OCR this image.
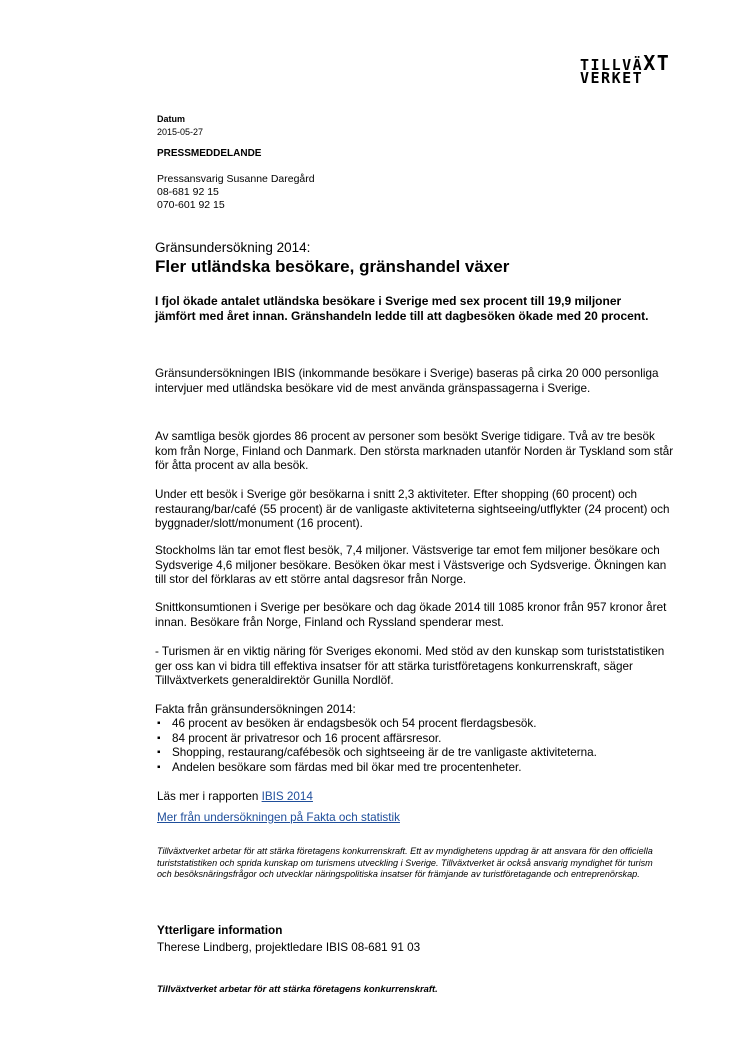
TILLVÄXT
VERKET
Datum
2015-05-27
PRESSMEDDELANDE
Pressansvarig Susanne Daregård
08-681 92 15
070-601 92 15
Gränsundersökning 2014:
Fler utländska besökare, gränshandel växer
I fjol ökade antalet utländska besökare i Sverige med sex procent till 19,9 miljoner jämfört med året innan. Gränshandeln ledde till att dagbesöken ökade med 20 procent.
Gränsundersökningen IBIS (inkommande besökare i Sverige) baseras på cirka 20 000 personliga intervjuer med utländska besökare vid de mest använda gränspassagerna i Sverige.
Av samtliga besök gjordes 86 procent av personer som besökt Sverige tidigare. Två av tre besök kom från Norge, Finland och Danmark. Den största marknaden utanför Norden är Tyskland som står för åtta procent av alla besök.
Under ett besök i Sverige gör besökarna i snitt 2,3 aktiviteter. Efter shopping (60 procent) och restaurang/bar/café (55 procent) är de vanligaste aktiviteterna sightseeing/utflykter (24 procent) och byggnader/slott/monument (16 procent).
Stockholms län tar emot flest besök, 7,4 miljoner. Västsverige tar emot fem miljoner besökare och Sydsverige 4,6 miljoner besökare. Besöken ökar mest i Västsverige och Sydsverige. Ökningen kan till stor del förklaras av ett större antal dagsresor från Norge.
Snittkonsumtionen i Sverige per besökare och dag ökade 2014 till 1085 kronor från 957 kronor året innan. Besökare från Norge, Finland och Ryssland spenderar mest.
- Turismen är en viktig näring för Sveriges ekonomi. Med stöd av den kunskap som turiststatistiken ger oss kan vi bidra till effektiva insatser för att stärka turistföretagens konkurrenskraft, säger Tillväxtverkets generaldirektör Gunilla Nordlöf.
Fakta från gränsundersökningen 2014:
▪ 46 procent av besöken är endagsbesök och 54 procent flerdagsbesök.
▪ 84 procent är privatresor och 16 procent affärsresor.
▪ Shopping, restaurang/cafébesök och sightseeing är de tre vanligaste aktiviteterna.
▪ Andelen besökare som färdas med bil ökar med tre procentenheter.
Läs mer i rapporten IBIS 2014
Mer från undersökningen på Fakta och statistik
Tillväxtverket arbetar för att stärka företagens konkurrenskraft. Ett av myndighetens uppdrag är att ansvara för den officiella turiststatistiken och sprida kunskap om turismens utveckling i Sverige. Tillväxtverket är också ansvarig myndighet för turism och besöksnäringsfrågor och utvecklar näringspolitiska insatser för främjande av turistföretagande och entreprenörskap.
Ytterligare information
Therese Lindberg, projektledare IBIS 08-681 91 03
Tillväxtverket arbetar för att stärka företagens konkurrenskraft.
